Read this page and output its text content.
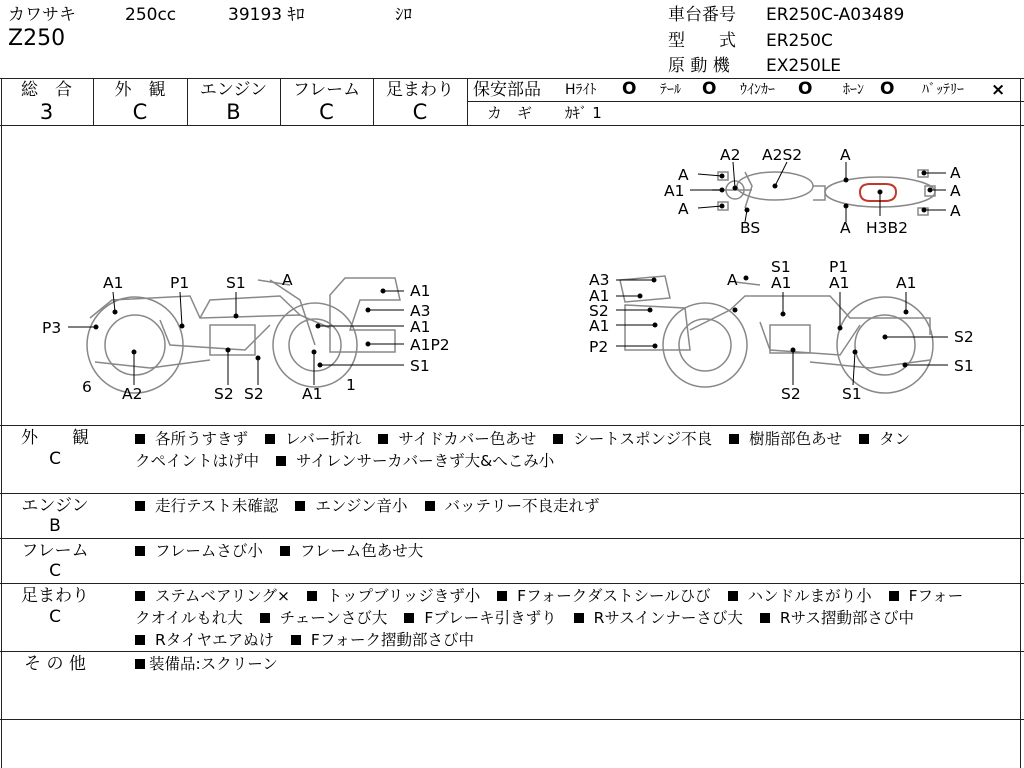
カワサキ	250cc	39193 ｷﾛ	ｼﾛ
Z250
車台番号 ER250C-A03489
型　　式 ER250C
原 動 機 EX250LE
総　合
3
外　観
C
エンジン
B
フレーム
C
足まわり
C
保安部品 Hﾗｲﾄ O ﾃｰﾙ O ｳｲﾝｶｰ O ﾎｰﾝ O ﾊﾞｯﾃﾘｰ ×
カ　ギ ｶｷﾞ 1
A
A1
A
A2 A2S2 A
A
A
A
BS	A H3B2
A1	P1 S1 A
P3
6 A2	S2 S2 A1 1
A1
A3
A1
A1P2
S1
A3
A1
S2
A1
P2
A
S1
A1
P1
A1	A1
S2
S1
S2	S1
外　　観
C
各所うすきず レバー折れ サイドカバー色あせ シートスポンジ不良 樹脂部色あせ タン
クペイントはげ中 サイレンサーカバーきず大&へこみ小
エンジン
B
走行テスト未確認 エンジン音小 バッテリー不良走れず
フレーム
C
フレームさび小 フレーム色あせ大
足まわり
C
ステムベアリング× トップブリッジきず小 Fフォークダストシールひび ハンドルまがり小 Fフォー
クオイルもれ大 チェーンさび大 Fブレーキ引きずり Rサスインナーさび大 Rサス摺動部さび中
Rタイヤエアぬけ Fフォーク摺動部さび中
そ の 他	装備品:スクリーン
